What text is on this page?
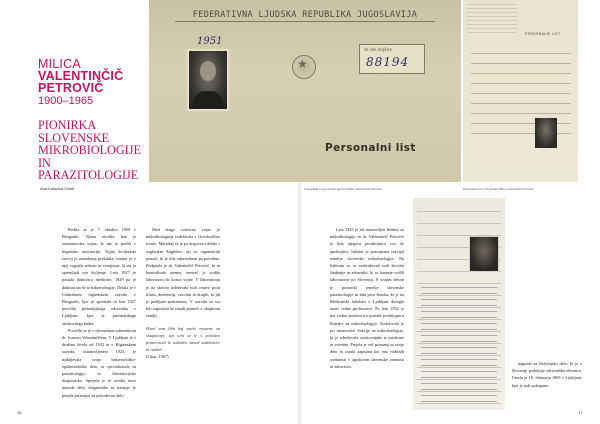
MILICA
VALENTINČIČ
PETROVIČ
1900–1965
PIONIRKA
SLOVENSKE
MIKROBIOLOGIJE
IN
PARAZITOLOGIJE
Ana Katarina Zihrel
FEDERATIVNA LJUDSKA REPUBLIKA JUGOSLAVIJA
1951
★
Št. del. knjižice
88194
Personalni list
Fotografija iz personalnega lista Milice Valentinčič Petrovič
PERSONALNI LIST
Personalni list s fotografijo Milice Valentinčič Petrovič

Rodila se je 7. oktobra 1900 v Beogradu. Njena otroška leta je zaznamovala vojna. Iz nje je prešla v begunsko internacijo. Vojna življenjski razvoj je nenadoma prekinila, vendar je v njej vzgojila trdnost in vztrajnost, ki sta jo spremljali vse življenje. Leta 1927 je postala doktorica medicine, 1929 pa je doktorirala še iz bakteriologije. Delala je v Centralnem higienskem zavodu v Beogradu, kjer je spoznala in leta 1927 poročila primarijskega zdravnika v Ljubljani, kjer je primarijskega strokovnega kadra.

Poročila se je s slovenskim zdravnikom dr. Ivanom Valentinčičem. V Ljubljani je z družino živela od 1932 in v Higienskem zavodu, ustanovljenem 1923, je nadaljevala svoje bakteriološko-epidemiološko delo, se specializirala za parazitologijo in laboratorijsko diagnostiko. Sprejela je in uvedla nove metode dela, diagnostiko in kasneje je prejela priznanje za prizadevno delo.

Med drugo svetovno vojno je mikrobiologinja sodelovala z Osvobodilno fronto. Marsikaj se je po dogovoru delalo s soglasjem Angležev, saj so organizirali pomoč, ki je bila zdravnikom pa potrebna. Podpirala je dr. Valentinčič Petrovič, ki ni kontrolirala razmer, temveč je vodila laboratorij do konca vojne. V laboratoriju je na skrivaj izdelovala tudi cepiva proti tifusu, dizenteriji, vaccinii in drugih, ki jih je pošiljala partizanom. V zavodu so vsi bili zaposleni že zaradi pomoči v okupirani zemlji.

Hotel sem bila kaj smele nevarne za okupatorje, saj sem se le s pološtvo primernosti le nobeden izmed sodelavcev ni razkril.

(Likar, 1967)

Leta 1945 je bil ustanovljen Inštitut za mikrobiologijo in dr. Valentinčič Petrovič je bila njegova predstojnica vse do upokojitve. Inštitut je postopoma razvijal temelje slovenske mikrobiologije. Na Inštitutu so se izobraževali tudi številni študentje in zdravniki, ki so kasneje vodili laboratorije po Sloveniji. S svojim delom je postavila temelje slovenske parazitologije in bila prva ženska, ki je na Medicinski fakulteti v Ljubljani dosegla naziv redne profesorice. Po letu 1952 je kot redna profesorica postala predstojnica Katedre za mikrobiologijo. Sodelovala je pri ustanovitvi Sekcije za mikrobiologijo, ki je združevala strokovnjake iz medicine in veterine. Prejela je več priznanj za svoje delo in ostala zapisana kot ena vodilnih osebnosti v zgodovini slovenske znanosti in zdravstva.

nagrado za življenjsko delo, ki jo v Sloveniji podeljuje zdravniška zbornica. Umrla je 16. februarja 1965 v Ljubljani, kjer je tudi pokopana.

16	17
